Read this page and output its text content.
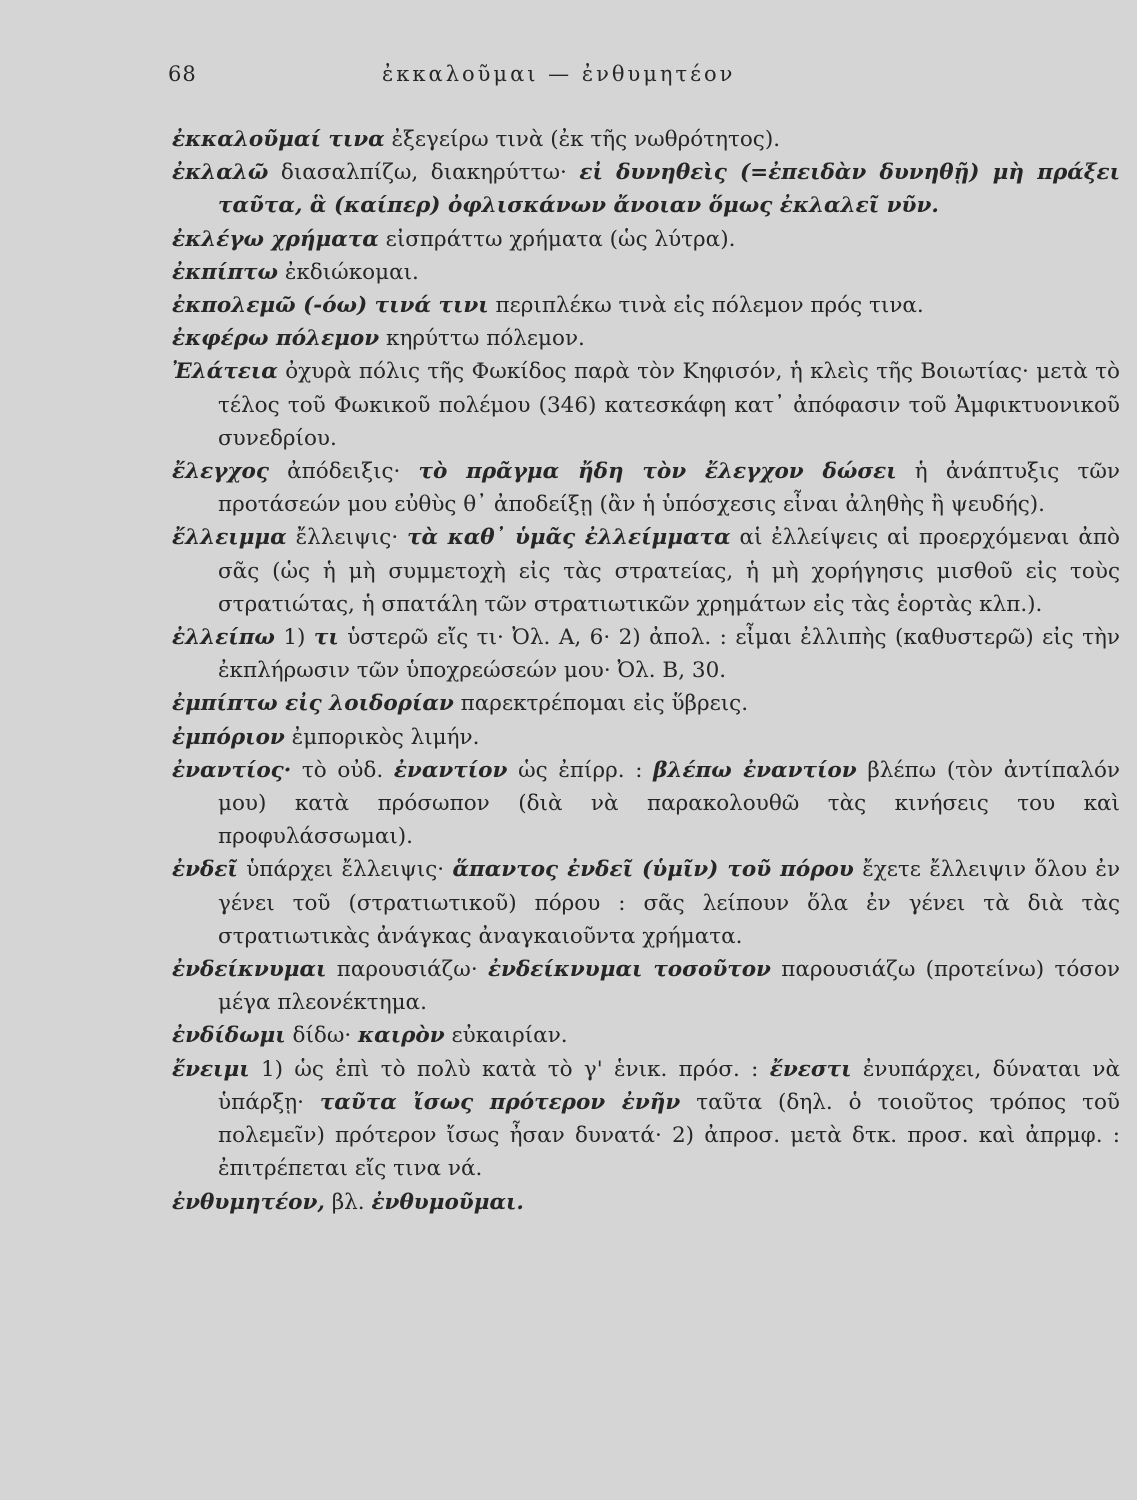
68	ἐκκαλοῦμαι — ἐνθυμητέον

ἐκκαλοῦμαί τινα ἐξεγείρω τινὰ (ἐκ τῆς νωθρότητος).

ἐκλαλῶ διασαλπίζω, διακηρύττω· εἰ δυνηθεὶς (=ἐπειδὰν δυνηθῇ) μὴ πράξει ταῦτα, ἃ (καίπερ) ὀφλισκάνων ἄνοιαν ὅμως ἐκλαλεῖ νῦν.

ἐκλέγω χρήματα εἰσπράττω χρήματα (ὡς λύτρα).

ἐκπίπτω ἐκδιώκομαι.

ἐκπολεμῶ (-όω) τινά τινι περιπλέκω τινὰ εἰς πόλεμον πρός τινα.

ἐκφέρω πόλεμον κηρύττω πόλεμον.

Ἐλάτεια ὀχυρὰ πόλις τῆς Φωκίδος παρὰ τὸν Κηφισόν, ἡ κλεὶς τῆς Βοιωτίας· μετὰ τὸ τέλος τοῦ Φωκικοῦ πολέμου (346) κατεσκάφη κατ᾽ ἀπόφασιν τοῦ Ἀμφικτυονικοῦ συνεδρίου.

ἔλεγχος ἀπόδειξις· τὸ πρᾶγμα ἤδη τὸν ἔλεγχον δώσει ἡ ἀνάπτυξις τῶν προτάσεών μου εὐθὺς θ᾽ ἀποδείξῃ (ἂν ἡ ὑπόσχεσις εἶναι ἀληθὴς ἢ ψευδής).

ἔλλειμμα ἔλλειψις· τὰ καθ᾽ ὑμᾶς ἐλλείμματα αἱ ἐλλείψεις αἱ προερχόμεναι ἀπὸ σᾶς (ὡς ἡ μὴ συμμετοχὴ εἰς τὰς στρατείας, ἡ μὴ χορήγησις μισθοῦ εἰς τοὺς στρατιώτας, ἡ σπατάλη τῶν στρατιωτικῶν χρημάτων εἰς τὰς ἑορτὰς κλπ.).

ἐλλείπω 1) τι ὑστερῶ εἴς τι· Ὀλ. Α, 6· 2) ἀπολ. : εἶμαι ἐλλιπὴς (καθυστερῶ) εἰς τὴν ἐκπλήρωσιν τῶν ὑποχρεώσεών μου· Ὀλ. Β, 30.

ἐμπίπτω εἰς λοιδορίαν παρεκτρέπομαι εἰς ὕβρεις.

ἐμπόριον ἐμπορικὸς λιμήν.

ἐναντίος· τὸ οὐδ. ἐναντίον ὡς ἐπίρρ. : βλέπω ἐναντίον βλέπω (τὸν ἀντίπαλόν μου) κατὰ πρόσωπον (διὰ νὰ παρακολουθῶ τὰς κινήσεις του καὶ προφυλάσσωμαι).

ἐνδεῖ ὑπάρχει ἔλλειψις· ἅπαντος ἐνδεῖ (ὑμῖν) τοῦ πόρου ἔχετε ἔλλειψιν ὅλου ἐν γένει τοῦ (στρατιωτικοῦ) πόρου : σᾶς λείπουν ὅλα ἐν γένει τὰ διὰ τὰς στρατιωτικὰς ἀνάγκας ἀναγκαιοῦντα χρήματα.

ἐνδείκνυμαι παρουσιάζω· ἐνδείκνυμαι τοσοῦτον παρουσιάζω (προτείνω) τόσον μέγα πλεονέκτημα.

ἐνδίδωμι δίδω· καιρὸν εὐκαιρίαν.

ἔνειμι 1) ὡς ἐπὶ τὸ πολὺ κατὰ τὸ γ' ἑνικ. πρόσ. : ἔνεστι ἐνυπάρχει, δύναται νὰ ὑπάρξῃ· ταῦτα ἴσως πρότερον ἐνῆν ταῦτα (δηλ. ὁ τοιοῦτος τρόπος τοῦ πολεμεῖν) πρότερον ἴσως ἦσαν δυνατά· 2) ἀπροσ. μετὰ δτκ. προσ. καὶ ἀπρμφ. : ἐπιτρέπεται εἴς τινα νά.

ἐνθυμητέον, βλ. ἐνθυμοῦμαι.
